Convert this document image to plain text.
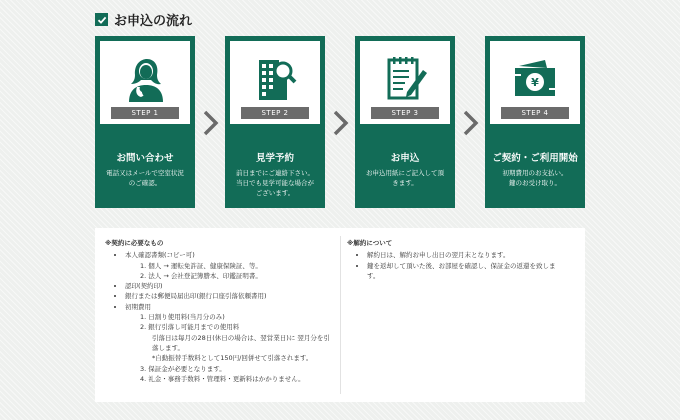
お申込の流れ
STEP 1
お問い合わせ
電話又はメールで空室状況
のご確認。
STEP 2
見学予約
前日までにご連絡下さい。
当日でも見学可能な場合が
ございます。
STEP 3
お申込
お申込用紙にご記入して頂
きます。
¥
STEP 4
ご契約・ご利用開始
初期費用のお支払い。
鍵のお受け取り。
※契約に必要なもの
• 本人確認書類(コピー可)
1. 個人 → 運転免許証、健康保険証、等。
2. 法人 → 会社登記簿謄本、印鑑証明書。
• 認印(契約印)
• 銀行または郵便局届出印(銀行口座引落依頼書用)
• 初期費用
1. 日割り使用料(当月分のみ)
2. 銀行引落し可能月までの使用料
引落日は毎月の28日(休日の場合は、翌営業日)に 翌月分を引
落します。
*自動振替手数料として150円/回併せて引落されます。
3. 保証金が必要となります。
4. 礼金・事務手数料・管理料・更新料はかかりません。
※解約について
• 解約日は、解約お申し出日の翌月末となります。
• 鍵を返却して頂いた後、お部屋を確認し、保証金の返還を致しま
す。
